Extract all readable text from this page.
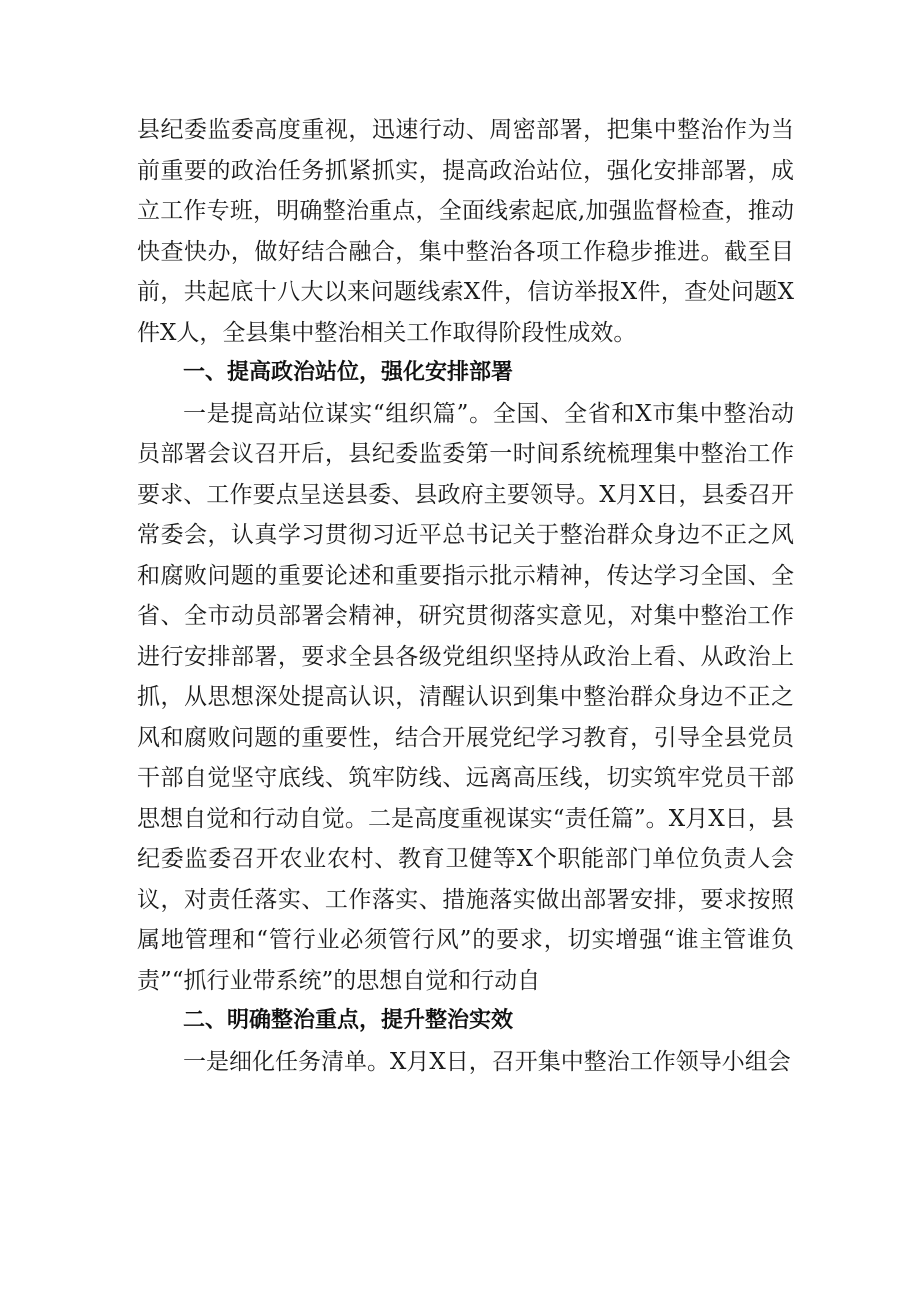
县纪委监委高度重视，迅速行动、周密部署，把集中整治作为当前重要的政治任务抓紧抓实，提高政治站位，强化安排部署，成立工作专班，明确整治重点，全面线索起底,加强监督检查，推动快查快办，做好结合融合，集中整治各项工作稳步推进。截至目前，共起底十八大以来问题线索X件，信访举报X件，查处问题X件X人，全县集中整治相关工作取得阶段性成效。

一、提高政治站位，强化安排部署

一是提高站位谋实“组织篇”。全国、全省和X市集中整治动员部署会议召开后，县纪委监委第一时间系统梳理集中整治工作要求、工作要点呈送县委、县政府主要领导。X月X日，县委召开常委会，认真学习贯彻习近平总书记关于整治群众身边不正之风和腐败问题的重要论述和重要指示批示精神，传达学习全国、全省、全市动员部署会精神，研究贯彻落实意见，对集中整治工作进行安排部署，要求全县各级党组织坚持从政治上看、从政治上抓，从思想深处提高认识，清醒认识到集中整治群众身边不正之风和腐败问题的重要性，结合开展党纪学习教育，引导全县党员干部自觉坚守底线、筑牢防线、远离高压线，切实筑牢党员干部思想自觉和行动自觉。二是高度重视谋实“责任篇”。X月X日，县纪委监委召开农业农村、教育卫健等X个职能部门单位负责人会议，对责任落实、工作落实、措施落实做出部署安排，要求按照属地管理和“管行业必须管行风”的要求，切实增强“谁主管谁负责”“抓行业带系统”的思想自觉和行动自

二、明确整治重点，提升整治实效

一是细化任务清单。X月X日，召开集中整治工作领导小组会
